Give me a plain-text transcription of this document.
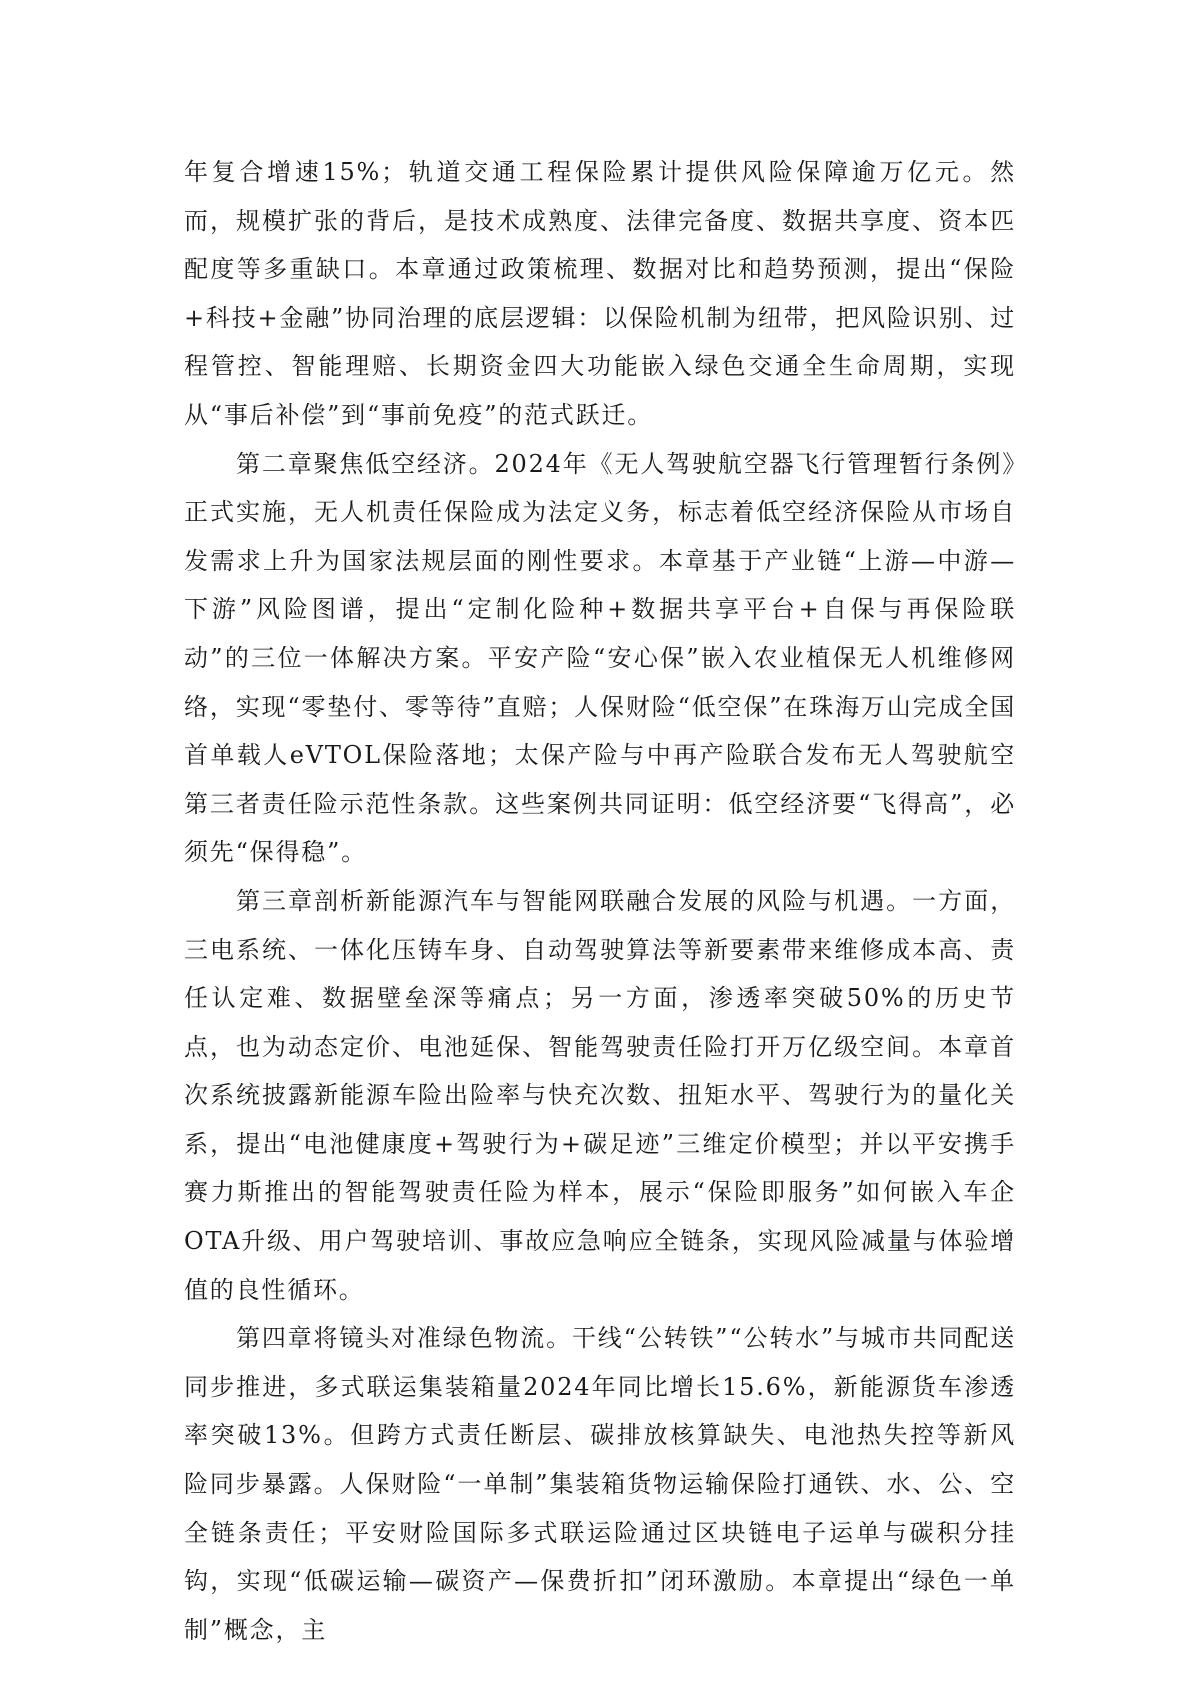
年复合增速15%；轨道交通工程保险累计提供风险保障逾万亿元。然而，规模扩张的背后，是技术成熟度、法律完备度、数据共享度、资本匹配度等多重缺口。本章通过政策梳理、数据对比和趋势预测，提出“保险+科技+金融”协同治理的底层逻辑：以保险机制为纽带，把风险识别、过程管控、智能理赔、长期资金四大功能嵌入绿色交通全生命周期，实现从“事后补偿”到“事前免疫”的范式跃迁。

第二章聚焦低空经济。2024年《无人驾驶航空器飞行管理暂行条例》正式实施，无人机责任保险成为法定义务，标志着低空经济保险从市场自发需求上升为国家法规层面的刚性要求。本章基于产业链“上游—中游—下游”风险图谱，提出“定制化险种+数据共享平台+自保与再保险联动”的三位一体解决方案。平安产险“安心保”嵌入农业植保无人机维修网络，实现“零垫付、零等待”直赔；人保财险“低空保”在珠海万山完成全国首单载人eVTOL保险落地；太保产险与中再产险联合发布无人驾驶航空第三者责任险示范性条款。这些案例共同证明：低空经济要“飞得高”，必须先“保得稳”。

第三章剖析新能源汽车与智能网联融合发展的风险与机遇。一方面，三电系统、一体化压铸车身、自动驾驶算法等新要素带来维修成本高、责任认定难、数据壁垒深等痛点；另一方面，渗透率突破50%的历史节点，也为动态定价、电池延保、智能驾驶责任险打开万亿级空间。本章首次系统披露新能源车险出险率与快充次数、扭矩水平、驾驶行为的量化关系，提出“电池健康度+驾驶行为+碳足迹”三维定价模型；并以平安携手赛力斯推出的智能驾驶责任险为样本，展示“保险即服务”如何嵌入车企OTA升级、用户驾驶培训、事故应急响应全链条，实现风险减量与体验增值的良性循环。

第四章将镜头对准绿色物流。干线“公转铁”“公转水”与城市共同配送同步推进，多式联运集装箱量2024年同比增长15.6%，新能源货车渗透率突破13%。但跨方式责任断层、碳排放核算缺失、电池热失控等新风险同步暴露。人保财险“一单制”集装箱货物运输保险打通铁、水、公、空全链条责任；平安财险国际多式联运险通过区块链电子运单与碳积分挂钩，实现“低碳运输—碳资产—保费折扣”闭环激励。本章提出“绿色一单制”概念，主
